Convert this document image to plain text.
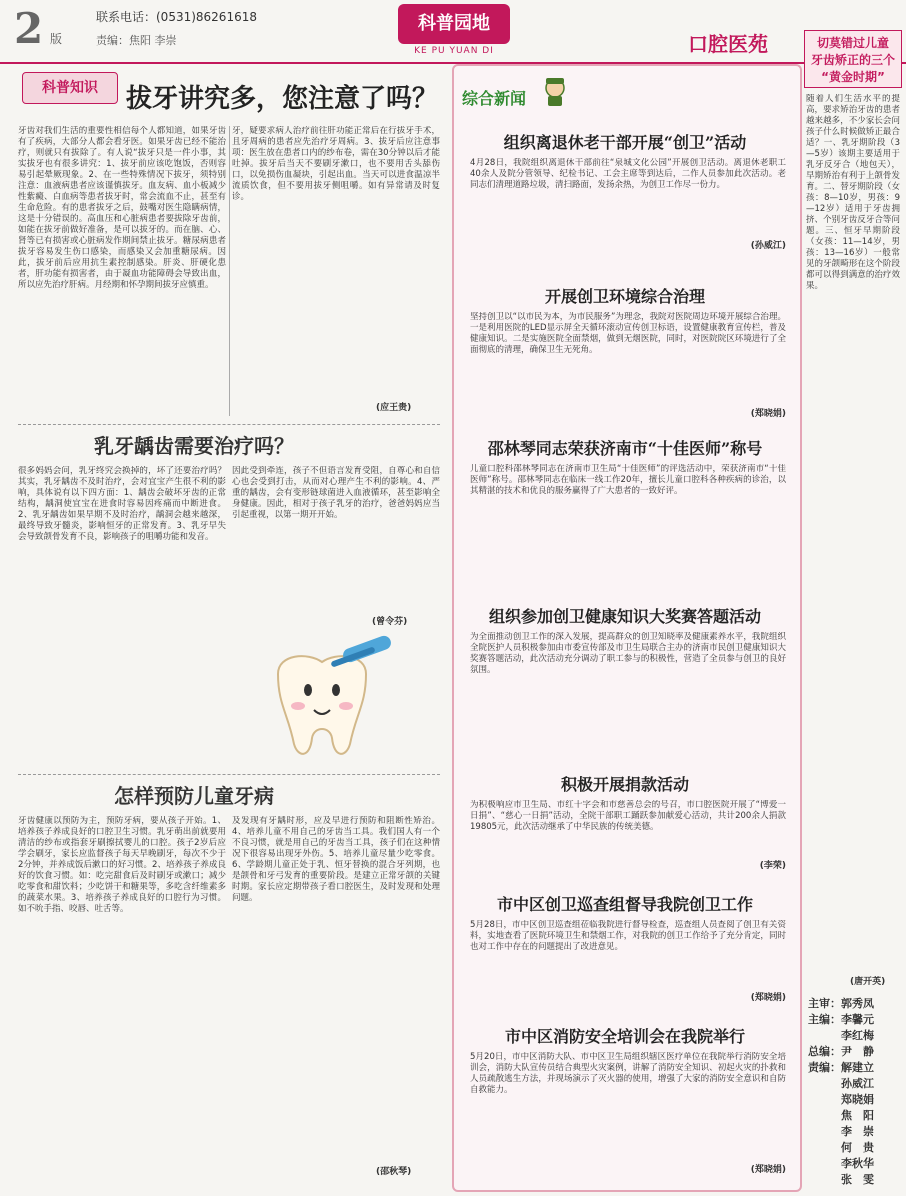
2 版
联系电话：(0531)86261618
责编：焦阳 李崇
科普园地
KE PU YUAN DI	口腔医苑
科普知识	拔牙讲究多，您注意了吗？
牙齿对我们生活的重要性相信每个人都知道，如果牙齿有了疾病，大部分人都会看牙医。如果牙齿已经不能治疗，则就只有拔除了。有人说“拔牙只是一件小事，其实拔牙也有很多讲究：1、拔牙前应该吃饱饭，否则容易引起晕厥现象。2、在一些特殊情况下拔牙，须特别注意：血液病患者应该谨慎拔牙。血友病、血小板减少性紫癜、白血病等患者拔牙时，常会流血不止，甚至有生命危险。有的患者拔牙之后，鼓嘴对医生隐瞒病情，这是十分错误的。高血压和心脏病患者要拔除牙齿前，如能在拔牙前做好准备，是可以拔牙的。而在脑、心、肾等已有损害或心脏病发作期间禁止拔牙。糖尿病患者拔牙容易发生伤口感染，而感染又会加重糖尿病。因此，拔牙前后应用抗生素控制感染。肝炎、肝硬化患者，肝功能有损害者，由于凝血功能障碍会导致出血，所以应先治疗肝病。月经期和怀孕期间拔牙应慎重。
牙，疑要求病人治疗前往肝功能正常后在行拔牙手术，且牙周病的患者应先治疗牙周病。3、拔牙后应注意事项：医生放在患者口内的纱布卷，需在30分钟以后才能吐掉。拔牙后当天不要刷牙漱口，也不要用舌头舔伤口，以免损伤血凝块，引起出血。当天可以进食温凉半流质饮食，但不要用拔牙侧咀嚼。如有异常请及时复诊。
(应王贵)
乳牙龋齿需要治疗吗？
很多妈妈会问，乳牙终究会换掉的，坏了还要治疗吗？其实，乳牙龋齿不及时治疗，会对宜宝产生很不利的影响，具体说有以下四方面：1、龋齿会破坏牙齿的正常结构，龋洞使宜宝在进食时容易因疼痛而中断进食。2、乳牙龋齿如果早期不及时治疗，龋洞会越来越深，最终导致牙髓炎，影响恒牙的正常发育。3、乳牙早失会导致颌骨发育不良，影响孩子的咀嚼功能和发音。
因此受到牵连，孩子不但语言发育受阻，自尊心和自信心也会受到打击，从而对心理产生不利的影响。4、严重的龋齿，会有变形链球菌进入血液循环，甚至影响全身健康。因此，相对于孩子乳牙的治疗，爸爸妈妈应当引起重视，以第一期开开始。
(曾令芬)
怎样预防儿童牙病
牙齿健康以预防为主，预防牙病，要从孩子开始。1、培养孩子养成良好的口腔卫生习惯。乳牙萌出前就要用清洁的纱布或指套牙刷擦拭婴儿的口腔。孩子2岁后应学会刷牙，家长应监督孩子每天早晚刷牙，每次不少于2分钟，并养成饭后漱口的好习惯。2、培养孩子养成良好的饮食习惯。如：吃完甜食后及时刷牙或漱口；减少吃零食和甜饮料；少吃饼干和糖果等，多吃含纤维素多的蔬菜水果。3、培养孩子养成良好的口腔行为习惯。如不吮手指、咬唇、吐舌等。
及发现有牙龋时形，应及早进行预防和阻断性矫治。4、培养儿童不用自己的牙齿当工具。我们国人有一个不良习惯，就是用自己的牙齿当工具，孩子们在这种情况下很容易出现牙外伤。5、培养儿童尽量少吃零食。6、学龄期儿童正处于乳、恒牙替换的混合牙列期，也是颌骨和牙弓发育的重要阶段。是建立正常牙颌的关键时期。家长应定期带孩子看口腔医生，及时发现和处理问题。
(邵秋琴)
综合新闻
组织离退休老干部开展“创卫”活动
4月28日，我院组织离退休干部前往“泉城文化公园”开展创卫活动。离退休老职工40余人及院分管领导、纪检书记、工会主席等到达后，二作人员参加此次活动。老同志们清理道路垃圾，清扫路面，发扬余热，为创卫工作尽一份力。
(孙威江)
开展创卫环境综合治理
坚持创卫以“以市民为本，为市民服务”为理念，我院对医院周边环境开展综合治理。一是利用医院的LED显示屏全天循环滚动宣传创卫标语，设置健康教育宣传栏，普及健康知识。二是实施医院全面禁烟，做到无烟医院，同时，对医院院区环境进行了全面彻底的清理，确保卫生无死角。
(郑晓娟)
邵林琴同志荣获济南市“十佳医师”称号
儿童口腔科邵林琴同志在济南市卫生局“十佳医师”的评选活动中，荣获济南市“十佳医师”称号。邵林琴同志在临床一线工作20年，擅长儿童口腔科各种疾病的诊治，以其精湛的技术和优良的服务赢得了广大患者的一致好评。
组织参加创卫健康知识大奖赛答题活动
为全面推动创卫工作的深入发展，提高群众的创卫知晓率及健康素养水平，我院组织全院医护人员积极参加由市委宣传部及市卫生局联合主办的济南市民创卫健康知识大奖赛答题活动，此次活动充分调动了职工参与的积极性，营造了全员参与创卫的良好氛围。
积极开展捐款活动
为积极响应市卫生局、市红十字会和市慈善总会的号召，市口腔医院开展了“博爱一日捐”、“慈心一日捐”活动，全院干部职工踊跃参加献爱心活动，共计200余人捐款19805元，此次活动继承了中华民族的传统美德。
(李荣)
市中区创卫巡查组督导我院创卫工作
5月28日，市中区创卫巡查组莅临我院进行督导检查，巡查组人员查阅了创卫有关资料，实地查看了医院环境卫生和禁烟工作，对我院的创卫工作给予了充分肯定，同时也对工作中存在的问题提出了改进意见。
(郑晓娟)
市中区消防安全培训会在我院举行
5月20日，市中区消防大队、市中区卫生局组织辖区医疗单位在我院举行消防安全培训会，消防大队宣传员结合典型火灾案例，讲解了消防安全知识、初起火灾的扑救和人员疏散逃生方法，并现场演示了灭火器的使用，增强了大家的消防安全意识和自防自救能力。
(郑晓娟)
切莫错过儿童
牙齿矫正的三个
“黄金时期”
随着人们生活水平的提高，要求矫治牙齿的患者越来越多，不少家长会问孩子什么时候做矫正最合适？一、乳牙期阶段（3—5岁）该期主要适用于乳牙反牙合（地包天），早期矫治有利于上颌骨发育。二、替牙期阶段（女孩：8—10岁，男孩：9—12岁）适用于牙齿拥挤、个别牙齿反牙合等问题。三、恒牙早期阶段（女孩：11—14岁，男孩：13—16岁）一般常见的牙颌畸形在这个阶段都可以得到满意的治疗效果。
(唐开英)
主审：郭秀凤
主编：李馨元
　　　李红梅
总编：尹　静
责编：解建立
　　　孙威江
　　　郑晓娟
　　　焦　阳
　　　李　崇
　　　何　贵
　　　李秋华
　　　张　雯
